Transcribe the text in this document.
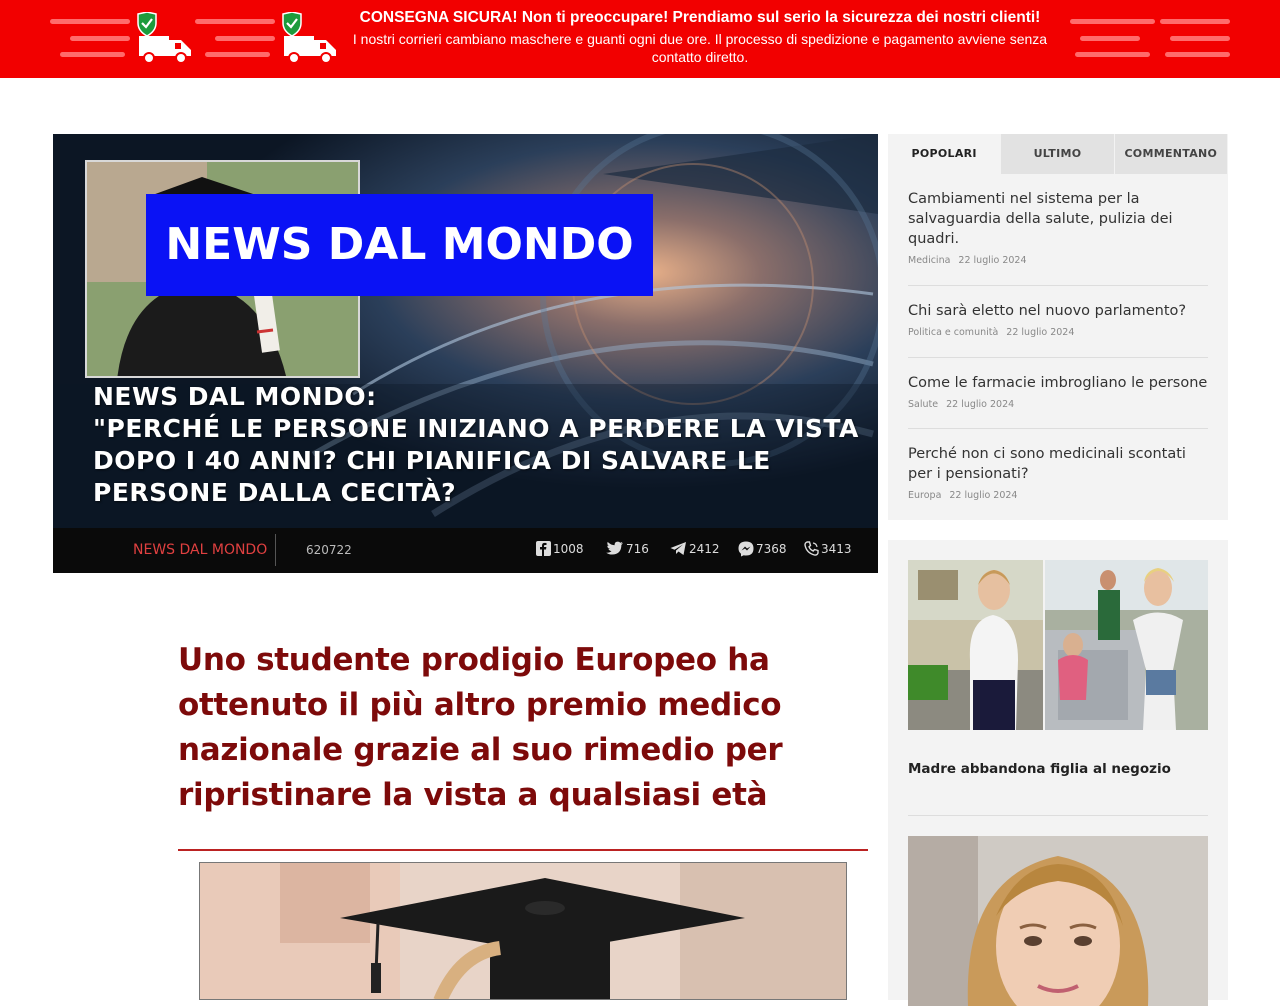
CONSEGNA SICURA! Non ti preoccupare! Prendiamo sul serio la sicurezza dei nostri clienti!
I nostri corrieri cambiano maschere e guanti ogni due ore. Il processo di spedizione e pagamento avviene senza contatto diretto.
NEWS DAL MONDO
NEWS DAL MONDO:
"PERCHÉ LE PERSONE INIZIANO A PERDERE LA VISTA DOPO I 40 ANNI? CHI PIANIFICA DI SALVARE LE PERSONE DALLA CECITÀ?
NEWS DAL MONDO	620722	1008	716	2412	7368	3413
POPOLARI	ULTIMO	COMMENTANO
Cambiamenti nel sistema per la salvaguardia della salute, pulizia dei quadri.
Medicina 22 luglio 2024
Chi sarà eletto nel nuovo parlamento?
Politica e comunità 22 luglio 2024
Come le farmacie imbrogliano le persone
Salute 22 luglio 2024
Perché non ci sono medicinali scontati per i pensionati?
Europa 22 luglio 2024
Madre abbandona figlia al negozio
Uno studente prodigio Europeo ha ottenuto il più altro premio medico nazionale grazie al suo rimedio per ripristinare la vista a qualsiasi età
